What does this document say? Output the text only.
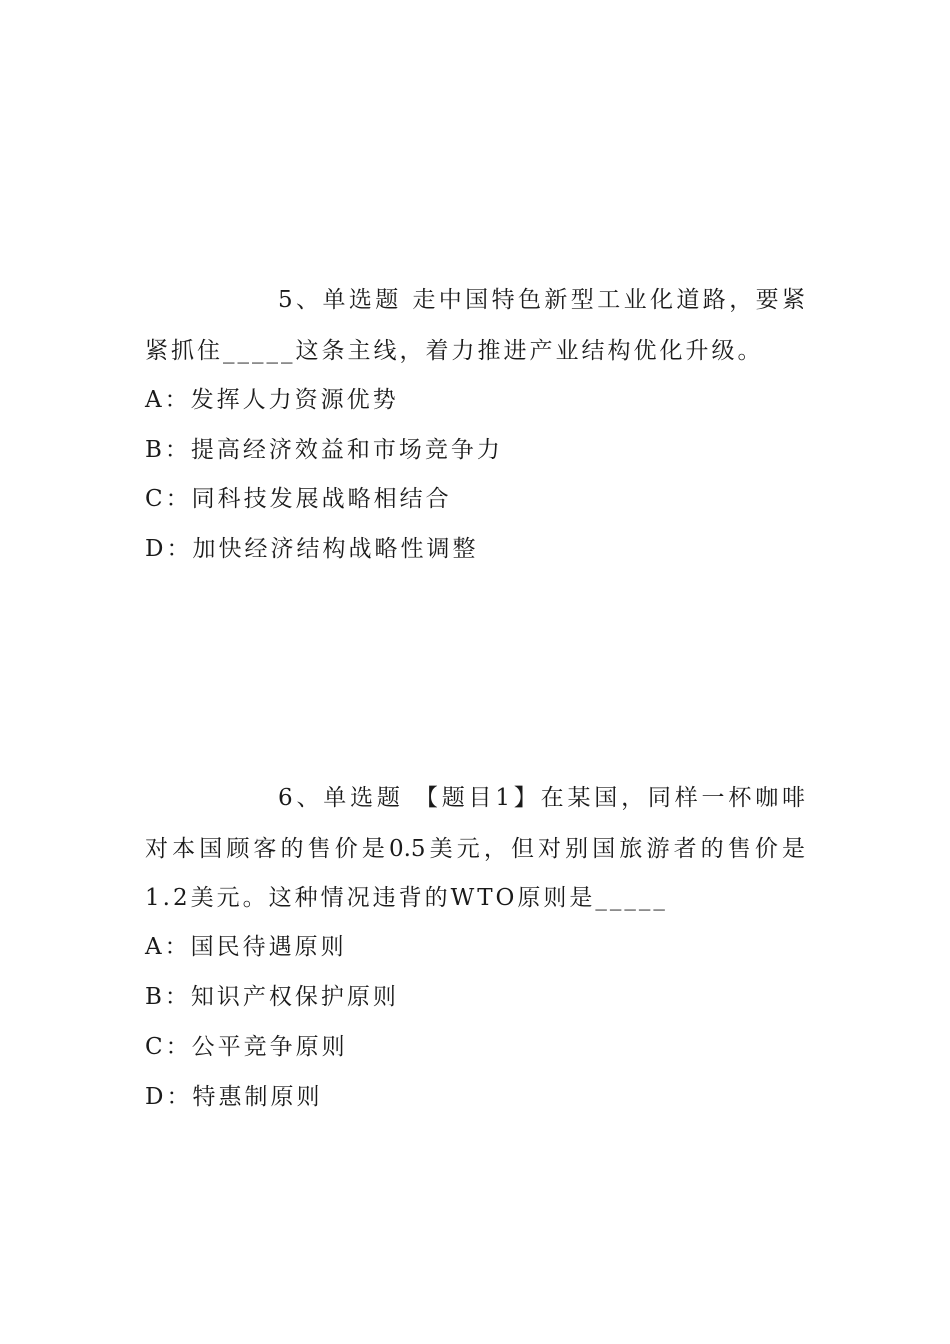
5、单选题 走中国特色新型工业化道路，要紧
紧抓住_____这条主线，着力推进产业结构优化升级。
A：发挥人力资源优势
B：提高经济效益和市场竞争力
C：同科技发展战略相结合
D：加快经济结构战略性调整
6、单选题 【题目1】在某国，同样一杯咖啡
对本国顾客的售价是0.5美元，但对别国旅游者的售价是
1.2美元。这种情况违背的WTO原则是_____
A：国民待遇原则
B：知识产权保护原则
C：公平竞争原则
D：特惠制原则
